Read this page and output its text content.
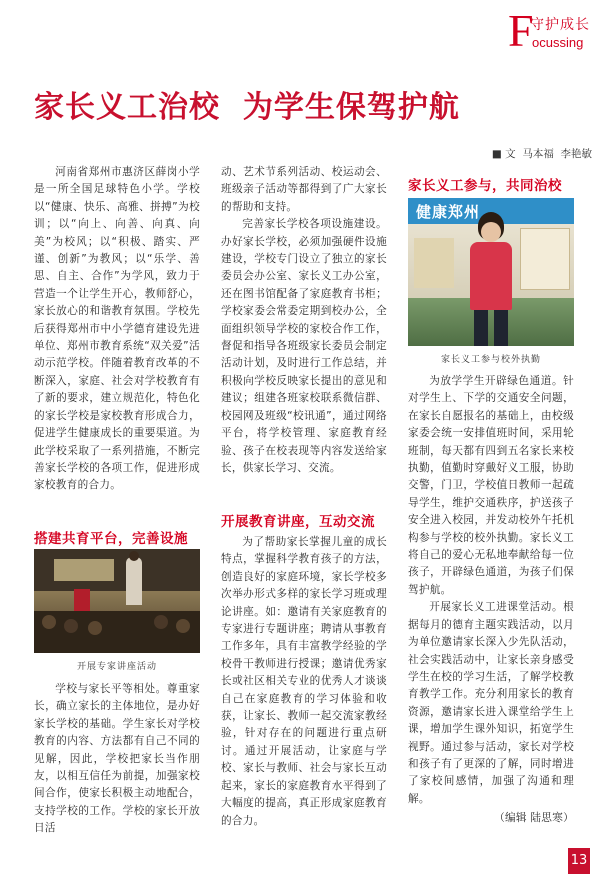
F
守护成长
ocussing
家长义工治校  为学生保驾护航
■ 文  马本福  李艳敏

河南省郑州市惠济区薛岗小学是一所全国足球特色小学。学校以“健康、快乐、高雅、拼搏”为校训；以“向上、向善、向真、向美”为校风；以“积极、踏实、严谨、创新”为教风；以“乐学、善思、自主、合作”为学风，致力于营造一个让学生开心，教师舒心，家长放心的和谐教育氛围。学校先后获得郑州市中小学德育建设先进单位、郑州市教育系统“双关爱”活动示范学校。伴随着教育改革的不断深入，家庭、社会对学校教育有了新的要求，建立规范化，特色化的家长学校是家校教育形成合力，促进学生健康成长的重要渠道。为此学校采取了一系列措施，不断完善家长学校的各项工作，促进形成家校教育的合力。

搭建共育平台，完善设施
开展专家讲座活动

学校与家长平等相处。尊重家长，确立家长的主体地位，是办好家长学校的基础。学生家长对学校教育的内容、方法都有自己不同的见解，因此，学校把家长当作朋友，以相互信任为前提，加强家校间合作，使家长积极主动地配合，支持学校的工作。学校的家长开放日活

动、艺术节系列活动、校运动会、班级亲子活动等都得到了广大家长的帮助和支持。

完善家长学校各项设施建设。办好家长学校，必须加强硬件设施建设，学校专门设立了独立的家长委员会办公室、家长义工办公室，还在图书馆配备了家庭教育书柜；学校家委会常委定期到校办公，全面组织领导学校的家校合作工作，督促和指导各班级家长委员会制定活动计划，及时进行工作总结，并积极向学校反映家长提出的意见和建议；组建各班家校联系微信群、校园网及班级“校讯通”，通过网络平台，将学校管理、家庭教育经验、孩子在校表现等内容发送给家长，供家长学习、交流。

开展教育讲座，互动交流

为了帮助家长掌握儿童的成长特点，掌握科学教育孩子的方法，创造良好的家庭环境，家长学校多次举办形式多样的家长学习班或理论讲座。如：邀请有关家庭教育的专家进行专题讲座；聘请从事教育工作多年，具有丰富教学经验的学校骨干教师进行授课；邀请优秀家长或社区相关专业的优秀人才谈谈自己在家庭教育的学习体验和收获，让家长、教师一起交流家教经验，针对存在的问题进行重点研讨。通过开展活动，让家庭与学校、家长与教师、社会与家长互动起来，家长的家庭教育水平得到了大幅度的提高，真正形成家庭教育的合力。

家长义工参与，共同治校
健康郑州
家长义工参与校外执勤

为放学学生开辟绿色通道。针对学生上、下学的交通安全问题，在家长自愿报名的基础上，由校级家委会统一安排值班时间，采用轮班制，每天都有四到五名家长来校执勤，值勤时穿戴好义工服，协助交警，门卫，学校值日教师一起疏导学生，维护交通秩序，护送孩子安全进入校园，并发动校外午托机构参与学校的校外执勤。家长义工将自己的爱心无私地奉献给每一位孩子，开辟绿色通道，为孩子们保驾护航。

开展家长义工进课堂活动。根据每月的德育主题实践活动，以月为单位邀请家长深入少先队活动，社会实践活动中，让家长亲身感受学生在校的学习生活，了解学校教育教学工作。充分利用家长的教育资源，邀请家长进入课堂给学生上课，增加学生课外知识，拓宽学生视野。通过参与活动，家长对学校和孩子有了更深的了解，同时增进了家校间感情，加强了沟通和理解。

（编辑 陆思寒）

13
